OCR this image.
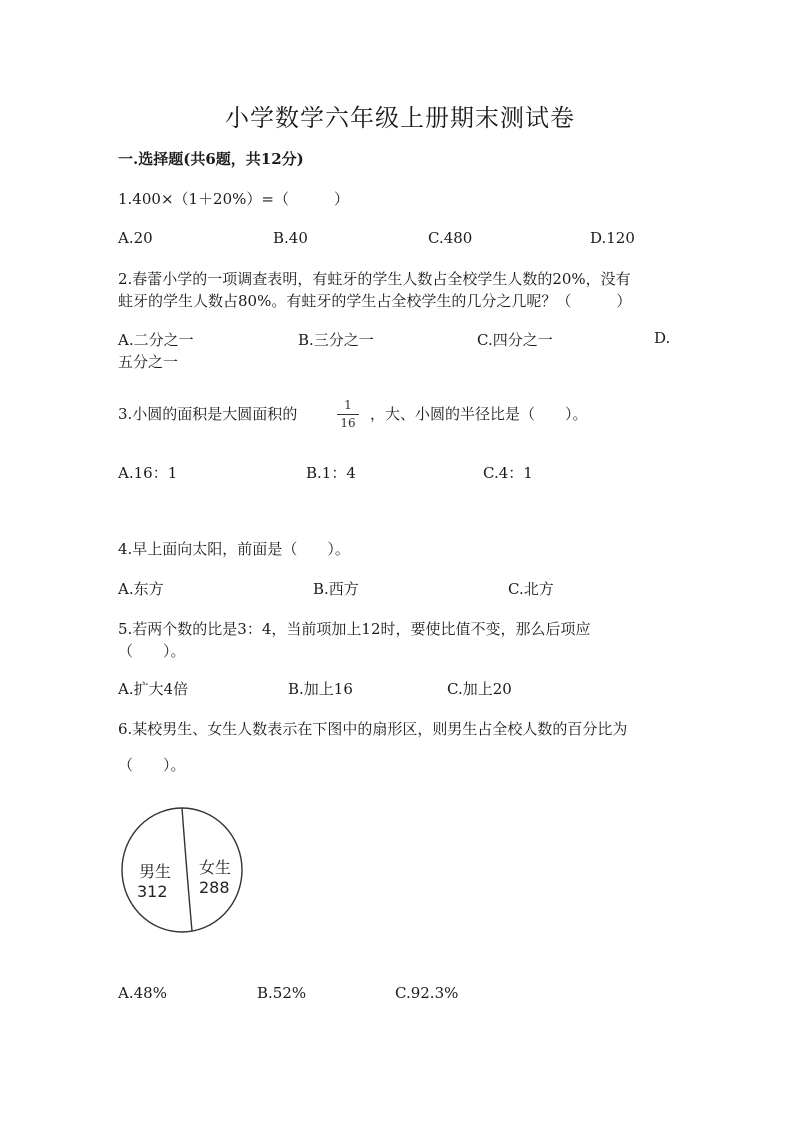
小学数学六年级上册期末测试卷
一.选择题(共6题，共12分)
1.400×（1＋20%）=（　　　）
A.20	B.40	C.480	D.120
2.春蕾小学的一项调查表明，有蛀牙的学生人数占全校学生人数的20%，没有
蛀牙的学生人数占80%。有蛀牙的学生占全校学生的几分之几呢？（　　　）
A.二分之一	B.三分之一	C.四分之一	D.
五分之一
3.小圆的面积是大圆面积的	1
16 ，大、小圆的半径比是（　　）。
A.16：1	B.1：4	C.4：1
4.早上面向太阳，前面是（　　）。
A.东方	B.西方	C.北方
5.若两个数的比是3：4，当前项加上12时，要使比值不变，那么后项应
（　　）。
A.扩大4倍	B.加上16	C.加上20
6.某校男生、女生人数表示在下图中的扇形区，则男生占全校人数的百分比为
（　　）。
男生
312
女生
288
A.48%	B.52%	C.92.3%
